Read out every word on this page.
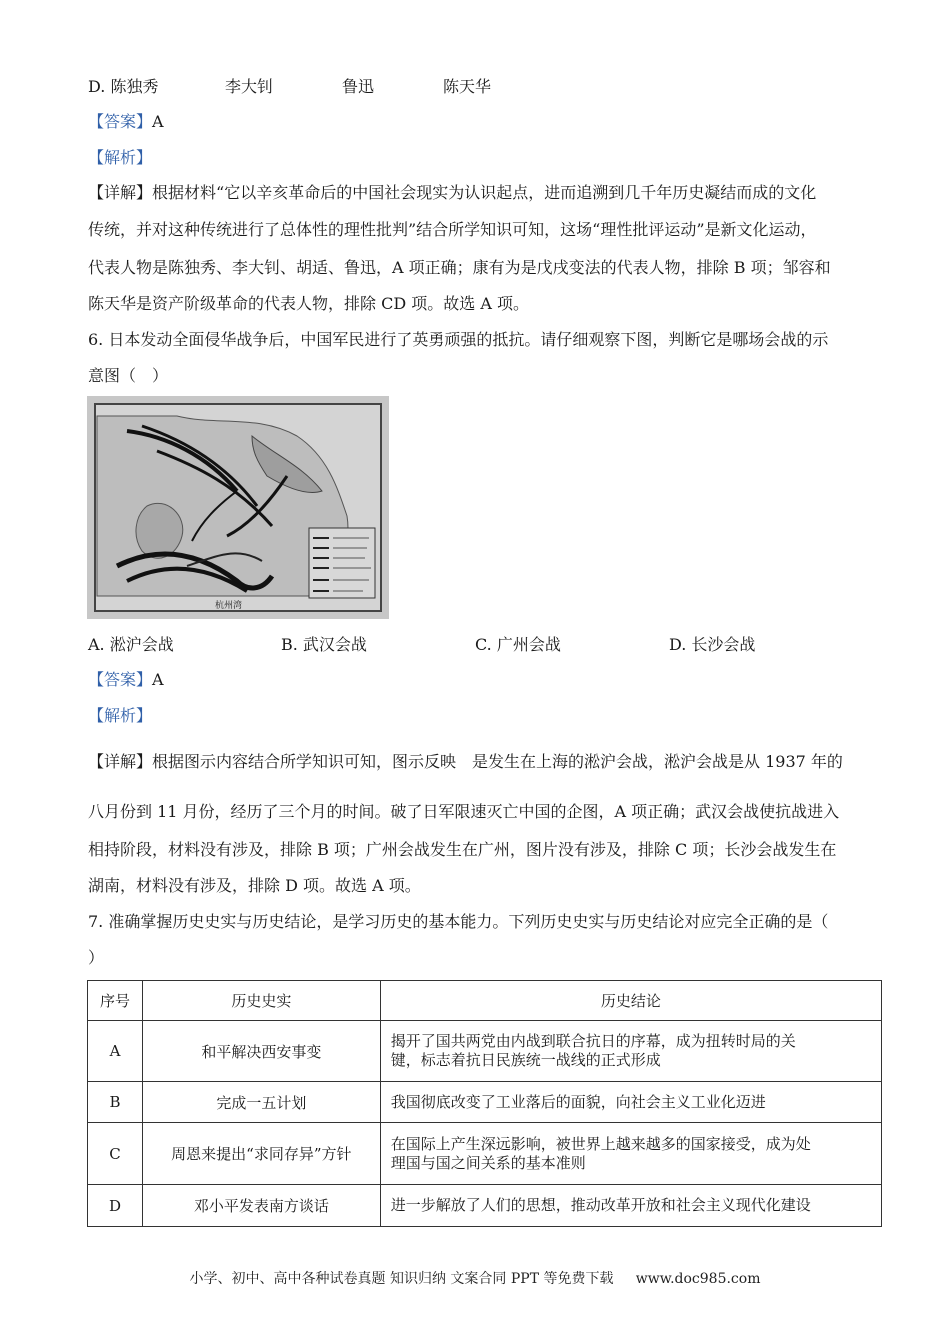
D. 陈独秀	李大钊	鲁迅	陈天华
【答案】A
【解析】
【详解】根据材料“它以辛亥革命后的中国社会现实为认识起点，进而追溯到几千年历史凝结而成的文化
传统，并对这种传统进行了总体性的理性批判”结合所学知识可知，这场“理性批评运动”是新文化运动，
代表人物是陈独秀、李大钊、胡适、鲁迅，A 项正确；康有为是戊戌变法的代表人物，排除 B 项；邹容和
陈天华是资产阶级革命的代表人物，排除 CD 项。故选 A 项。
6. 日本发动全面侵华战争后，中国军民进行了英勇顽强的抵抗。请仔细观察下图，判断它是哪场会战的示
意图（　）
杭州湾
A. 淞沪会战	B. 武汉会战	C. 广州会战	D. 长沙会战
【答案】A
【解析】
【详解】根据图示内容结合所学知识可知，图示反映　是发生在上海的淞沪会战，淞沪会战是从 1937 年的
八月份到 11 月份，经历了三个月的时间。破了日军限速灭亡中国的企图，A 项正确；武汉会战使抗战进入
相持阶段，材料没有涉及，排除 B 项；广州会战发生在广州，图片没有涉及，排除 C 项；长沙会战发生在
湖南，材料没有涉及，排除 D 项。故选 A 项。
7. 准确掌握历史史实与历史结论，是学习历史的基本能力。下列历史史实与历史结论对应完全正确的是（
）
序号	历史史实	历史结论
A	和平解决西安事变	揭开了国共两党由内战到联合抗日的序幕，成为扭转时局的关
键，标志着抗日民族统一战线的正式形成

B	完成一五计划	我国彻底改变了工业落后的面貌，向社会主义工业化迈进

C	周恩来提出“求同存异”方针	在国际上产生深远影响，被世界上越来越多的国家接受，成为处
理国与国之间关系的基本准则

D	邓小平发表南方谈话	进一步解放了人们的思想，推动改革开放和社会主义现代化建设
小学、初中、高中各种试卷真题 知识归纳 文案合同 PPT 等免费下载 www.doc985.com
